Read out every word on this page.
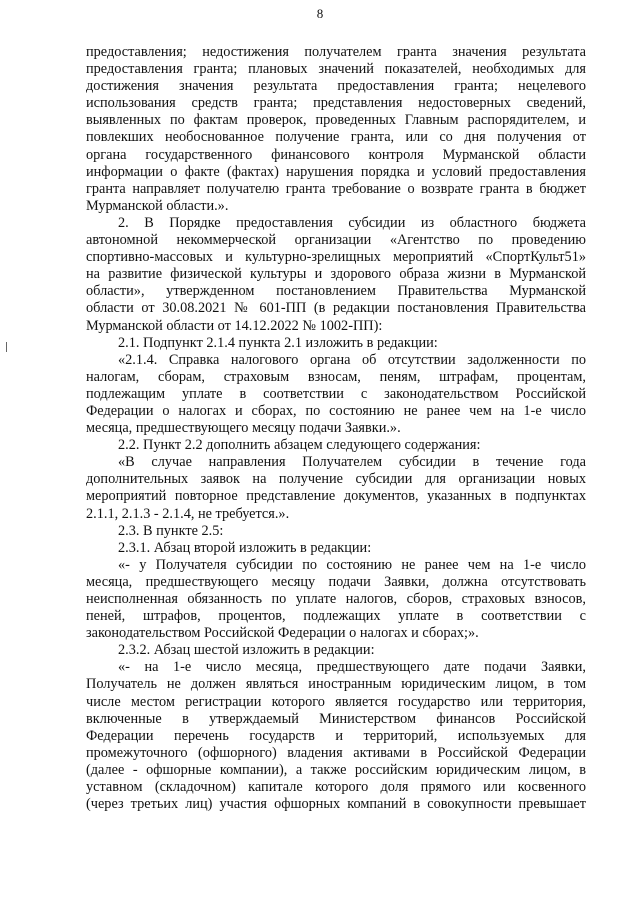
8

предоставления; недостижения получателем гранта значения результата

предоставления гранта; плановых значений показателей, необходимых для

достижения значения результата предоставления гранта; нецелевого

использования средств гранта; представления недостоверных сведений,

выявленных по фактам проверок, проведенных Главным распорядителем, и

повлекших необоснованное получение гранта, или со дня получения от

органа государственного финансового контроля Мурманской области

информации о факте (фактах) нарушения порядка и условий предоставления

гранта направляет получателю гранта требование о возврате гранта в бюджет

Мурманской области.».

2. В Порядке предоставления субсидии из областного бюджета

автономной некоммерческой организации «Агентство по проведению

спортивно-массовых и культурно-зрелищных мероприятий «СпортКульт51»

на развитие физической культуры и здорового образа жизни в Мурманской

области», утвержденном постановлением Правительства Мурманской

области от 30.08.2021 № 601-ПП (в редакции постановления Правительства

Мурманской области от 14.12.2022 № 1002-ПП):

2.1. Подпункт 2.1.4 пункта 2.1 изложить в редакции:

«2.1.4. Справка налогового органа об отсутствии задолженности по

налогам, сборам, страховым взносам, пеням, штрафам, процентам,

подлежащим уплате в соответствии с законодательством Российской

Федерации о налогах и сборах, по состоянию не ранее чем на 1-е число

месяца, предшествующего месяцу подачи Заявки.».

2.2. Пункт 2.2 дополнить абзацем следующего содержания:

«В случае направления Получателем субсидии в течение года

дополнительных заявок на получение субсидии для организации новых

мероприятий повторное представление документов, указанных в подпунктах

2.1.1, 2.1.3 - 2.1.4, не требуется.».

2.3. В пункте 2.5:

2.3.1. Абзац второй изложить в редакции:

«- у Получателя субсидии по состоянию не ранее чем на 1-е число

месяца, предшествующего месяцу подачи Заявки, должна отсутствовать

неисполненная обязанность по уплате налогов, сборов, страховых взносов,

пеней, штрафов, процентов, подлежащих уплате в соответствии с

законодательством Российской Федерации о налогах и сборах;».

2.3.2. Абзац шестой изложить в редакции:

«- на 1-е число месяца, предшествующего дате подачи Заявки,

Получатель не должен являться иностранным юридическим лицом, в том

числе местом регистрации которого является государство или территория,

включенные в утверждаемый Министерством финансов Российской

Федерации перечень государств и территорий, используемых для

промежуточного (офшорного) владения активами в Российской Федерации

(далее - офшорные компании), а также российским юридическим лицом, в

уставном (складочном) капитале которого доля прямого или косвенного

(через третьих лиц) участия офшорных компаний в совокупности превышает
